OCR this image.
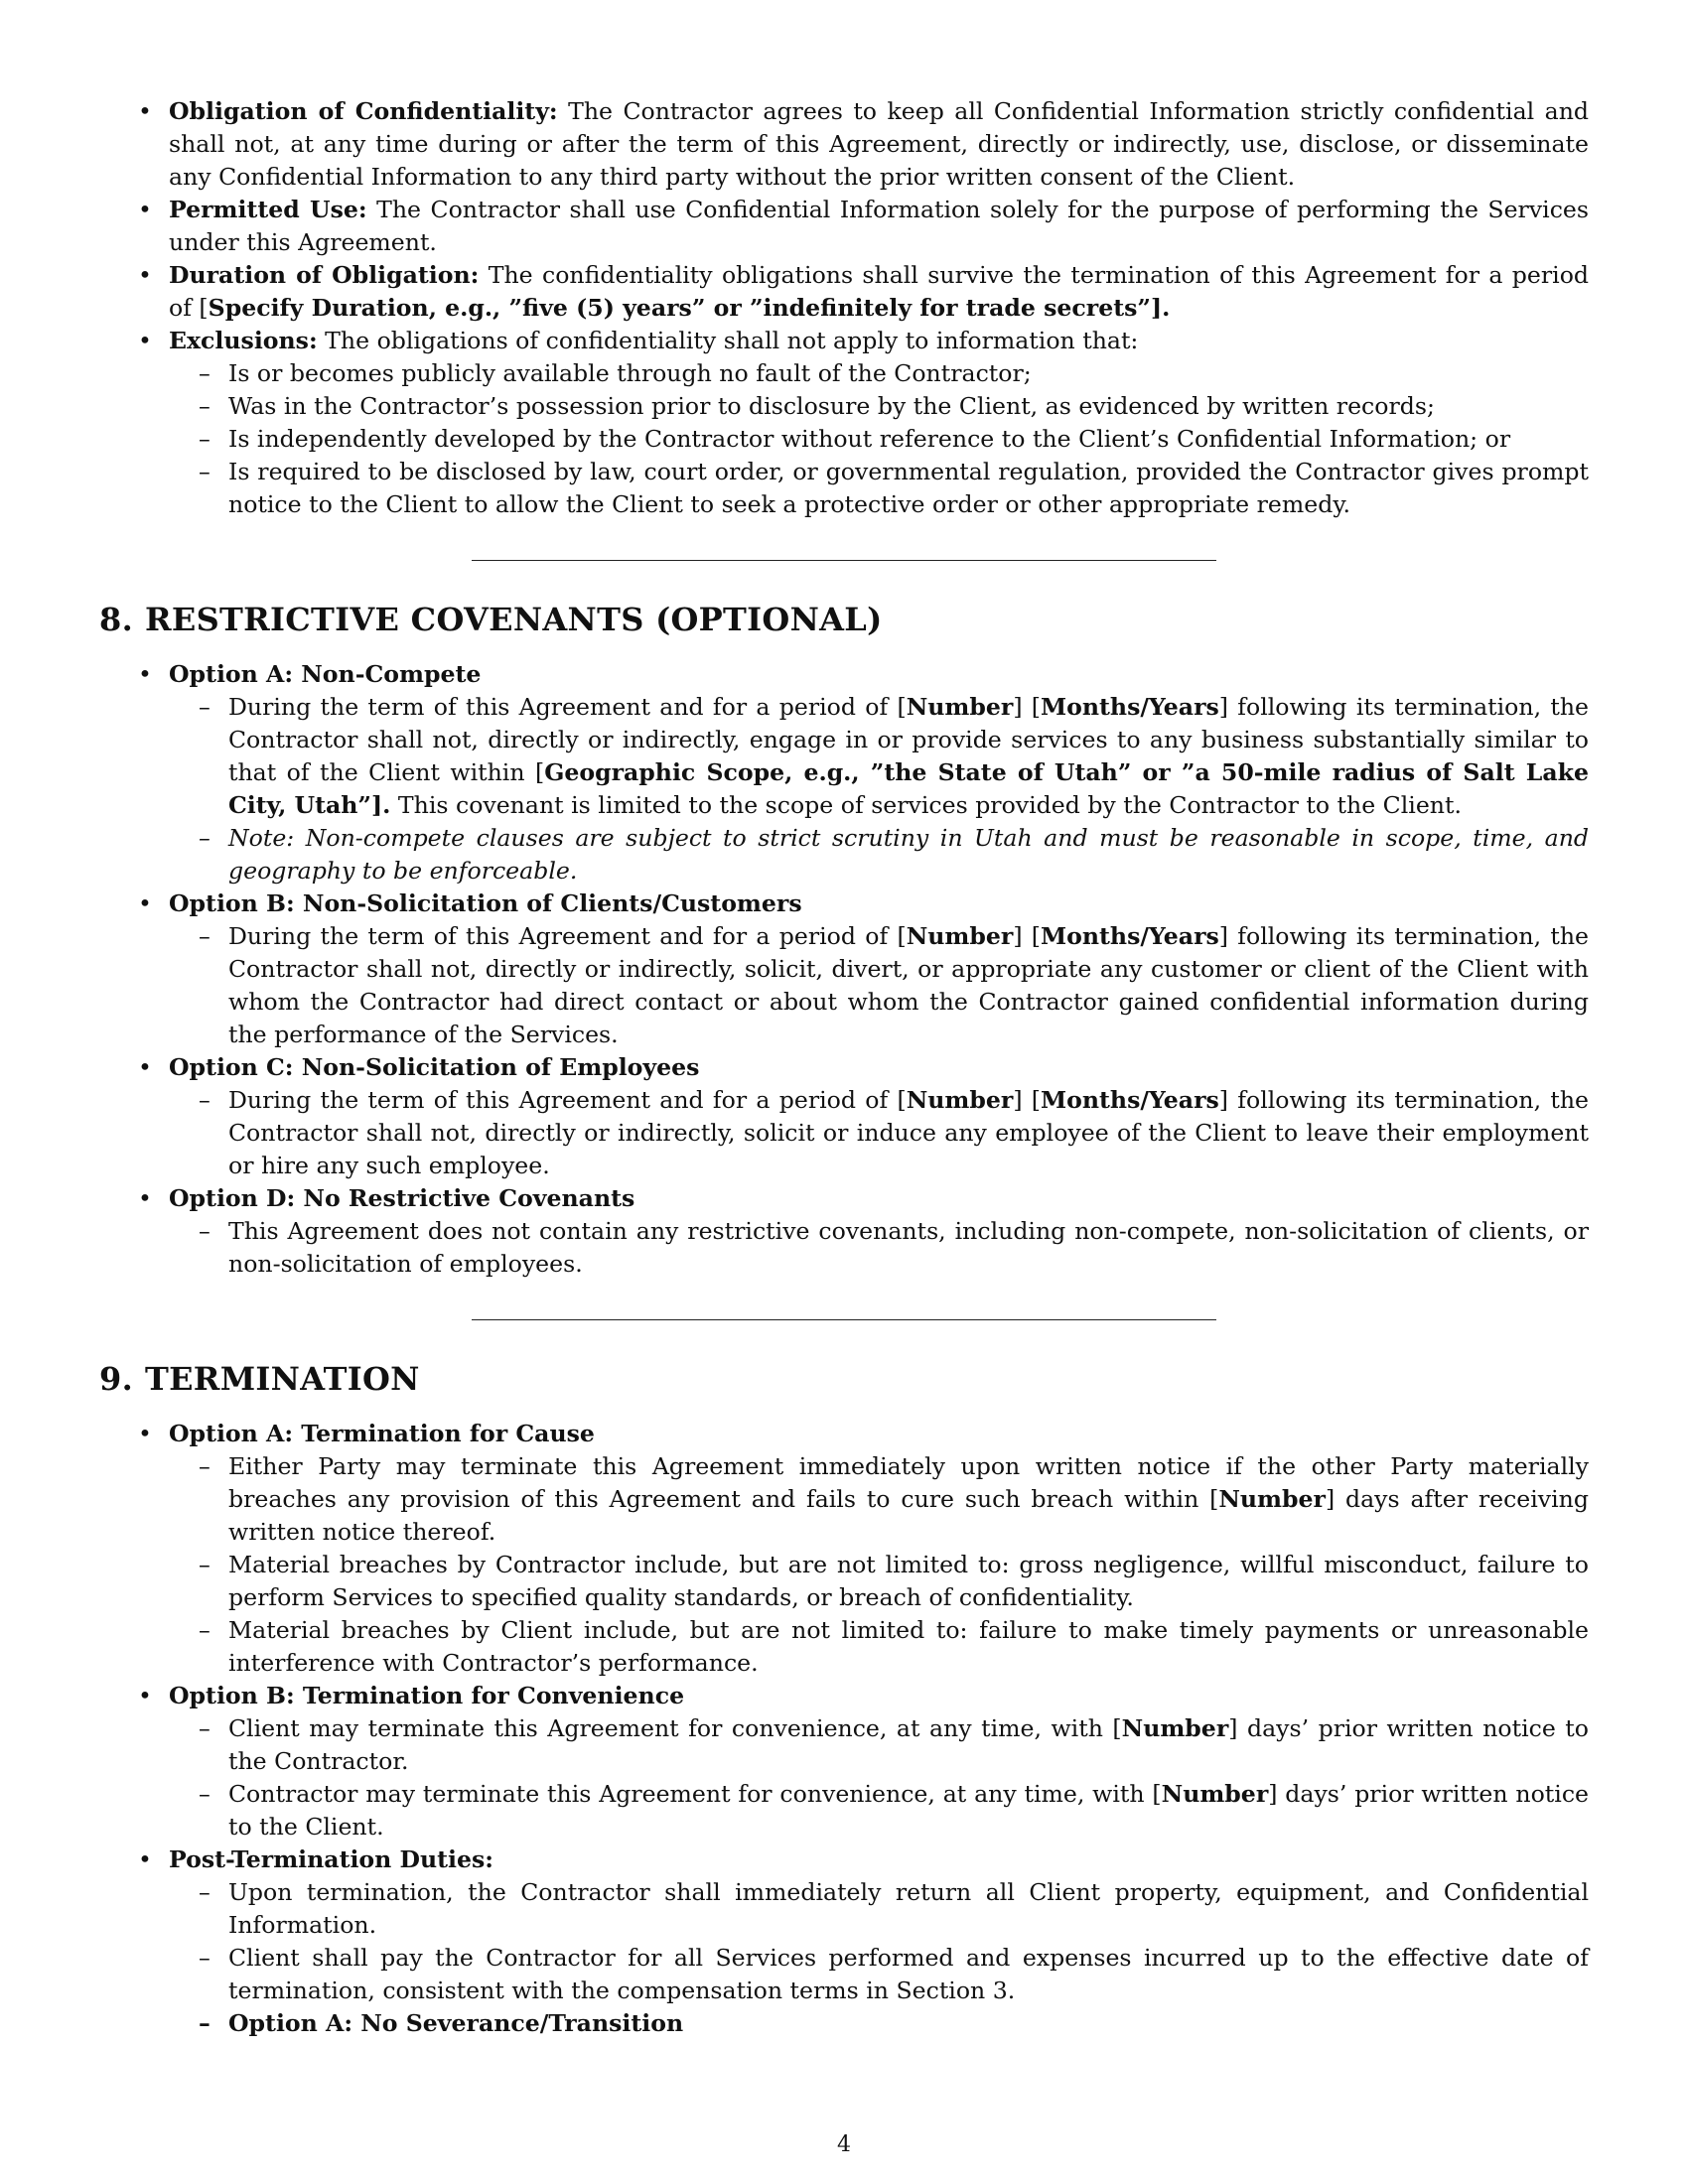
• Obligation of Confidentiality: The Contractor agrees to keep all Confidential Information strictly confidential and shall not, at any time during or after the term of this Agreement, directly or indirectly, use, disclose, or disseminate any Confidential Information to any third party without the prior written consent of the Client.
• Permitted Use: The Contractor shall use Confidential Information solely for the purpose of performing the Services under this Agreement.
• Duration of Obligation: The confidentiality obligations shall survive the termination of this Agreement for a period of [Specify Duration, e.g., ”five (5) years” or ”indefinitely for trade secrets”].
• Exclusions: The obligations of confidentiality shall not apply to information that:
– Is or becomes publicly available through no fault of the Contractor;
– Was in the Contractor’s possession prior to disclosure by the Client, as evidenced by written records;
– Is independently developed by the Contractor without reference to the Client’s Confidential Information; or
– Is required to be disclosed by law, court order, or governmental regulation, provided the Contractor gives prompt notice to the Client to allow the Client to seek a protective order or other appropriate remedy.
8. RESTRICTIVE COVENANTS (OPTIONAL)
• Option A: Non-Compete
– During the term of this Agreement and for a period of [Number] [Months/Years] following its termination, the Contractor shall not, directly or indirectly, engage in or provide services to any business substantially similar to that of the Client within [Geographic Scope, e.g., ”the State of Utah” or ”a 50-mile radius of Salt Lake City, Utah”]. This covenant is limited to the scope of services provided by the Contractor to the Client.
– Note: Non-compete clauses are subject to strict scrutiny in Utah and must be reasonable in scope, time, and geography to be enforceable.
• Option B: Non-Solicitation of Clients/Customers
– During the term of this Agreement and for a period of [Number] [Months/Years] following its termination, the Contractor shall not, directly or indirectly, solicit, divert, or appropriate any customer or client of the Client with whom the Contractor had direct contact or about whom the Contractor gained confidential information during the performance of the Services.
• Option C: Non-Solicitation of Employees
– During the term of this Agreement and for a period of [Number] [Months/Years] following its termination, the Contractor shall not, directly or indirectly, solicit or induce any employee of the Client to leave their employment or hire any such employee.
• Option D: No Restrictive Covenants
– This Agreement does not contain any restrictive covenants, including non-compete, non-solicitation of clients, or non-solicitation of employees.
9. TERMINATION
• Option A: Termination for Cause
– Either Party may terminate this Agreement immediately upon written notice if the other Party materially breaches any provision of this Agreement and fails to cure such breach within [Number] days after receiving written notice thereof.
– Material breaches by Contractor include, but are not limited to: gross negligence, willful misconduct, failure to perform Services to specified quality standards, or breach of confidentiality.
– Material breaches by Client include, but are not limited to: failure to make timely payments or unreasonable interference with Contractor’s performance.
• Option B: Termination for Convenience
– Client may terminate this Agreement for convenience, at any time, with [Number] days’ prior written notice to the Contractor.
– Contractor may terminate this Agreement for convenience, at any time, with [Number] days’ prior written notice to the Client.
• Post-Termination Duties:
– Upon termination, the Contractor shall immediately return all Client property, equipment, and Confidential Information.
– Client shall pay the Contractor for all Services performed and expenses incurred up to the effective date of termination, consistent with the compensation terms in Section 3.
– Option A: No Severance/Transition
4
